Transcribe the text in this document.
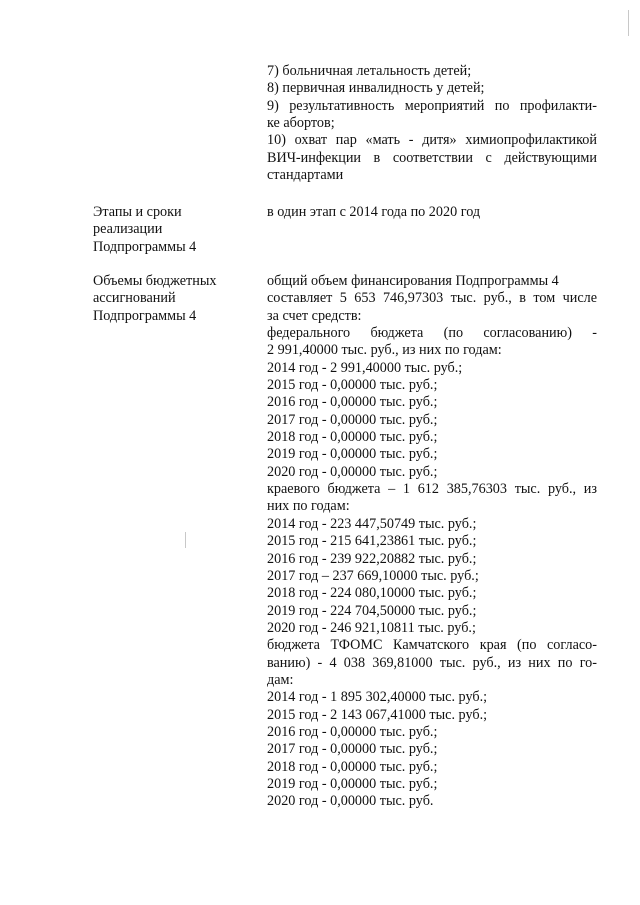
7) больничная летальность детей;
8) первичная инвалидность у детей;
9) результативность мероприятий по профилакти-
ке абортов;
10) охват пар «мать - дитя» химиопрофилактикой
ВИЧ-инфекции в соответствии с действующими
стандартами
Этапы и сроки
реализации
Подпрограммы 4
в один этап с 2014 года по 2020 год
Объемы бюджетных
ассигнований
Подпрограммы 4
общий объем финансирования Подпрограммы 4
составляет 5 653 746,97303 тыс. руб., в том числе
за счет средств:
федерального бюджета (по согласованию) -
2 991,40000 тыс. руб., из них по годам:
2014 год - 2 991,40000 тыс. руб.;
2015 год - 0,00000 тыс. руб.;
2016 год - 0,00000 тыс. руб.;
2017 год - 0,00000 тыс. руб.;
2018 год - 0,00000 тыс. руб.;
2019 год - 0,00000 тыс. руб.;
2020 год - 0,00000 тыс. руб.;
краевого бюджета – 1 612 385,76303 тыс. руб., из
них по годам:
2014 год - 223 447,50749 тыс. руб.;
2015 год - 215 641,23861 тыс. руб.;
2016 год - 239 922,20882 тыс. руб.;
2017 год – 237 669,10000 тыс. руб.;
2018 год - 224 080,10000 тыс. руб.;
2019 год - 224 704,50000 тыс. руб.;
2020 год - 246 921,10811 тыс. руб.;
бюджета ТФОМС Камчатского края (по согласо-
ванию) - 4 038 369,81000 тыс. руб., из них по го-
дам:
2014 год - 1 895 302,40000 тыс. руб.;
2015 год - 2 143 067,41000 тыс. руб.;
2016 год - 0,00000 тыс. руб.;
2017 год - 0,00000 тыс. руб.;
2018 год - 0,00000 тыс. руб.;
2019 год - 0,00000 тыс. руб.;
2020 год - 0,00000 тыс. руб.
